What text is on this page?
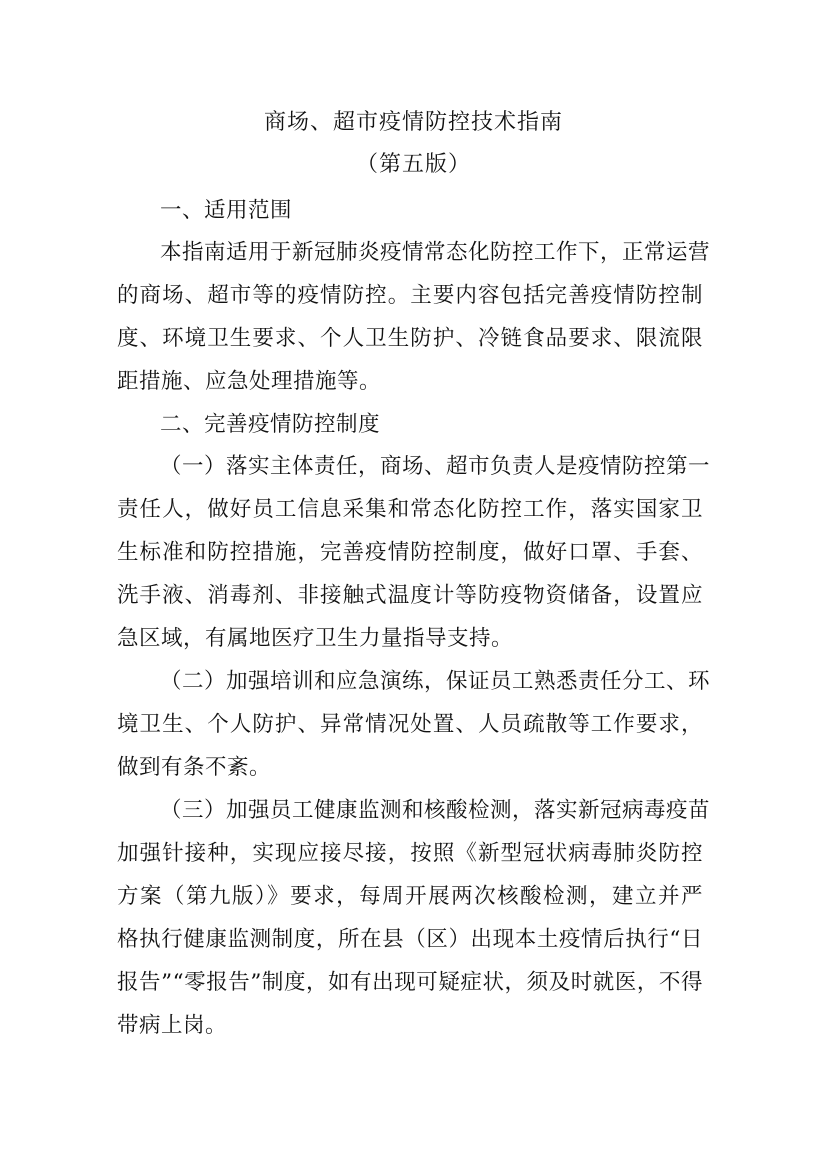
商场、超市疫情防控技术指南
（第五版）
一、适用范围
本指南适用于新冠肺炎疫情常态化防控工作下，正常运营
的商场、超市等的疫情防控。主要内容包括完善疫情防控制
度、环境卫生要求、个人卫生防护、冷链食品要求、限流限
距措施、应急处理措施等。
二、完善疫情防控制度
（一）落实主体责任，商场、超市负责人是疫情防控第一
责任人，做好员工信息采集和常态化防控工作，落实国家卫
生标准和防控措施，完善疫情防控制度，做好口罩、手套、
洗手液、消毒剂、非接触式温度计等防疫物资储备，设置应
急区域，有属地医疗卫生力量指导支持。
（二）加强培训和应急演练，保证员工熟悉责任分工、环
境卫生、个人防护、异常情况处置、人员疏散等工作要求，
做到有条不紊。
（三）加强员工健康监测和核酸检测，落实新冠病毒疫苗
加强针接种，实现应接尽接，按照《新型冠状病毒肺炎防控
方案（第九版）》要求，每周开展两次核酸检测，建立并严
格执行健康监测制度，所在县（区）出现本土疫情后执行“日
报告”“零报告”制度，如有出现可疑症状，须及时就医，不得
带病上岗。
